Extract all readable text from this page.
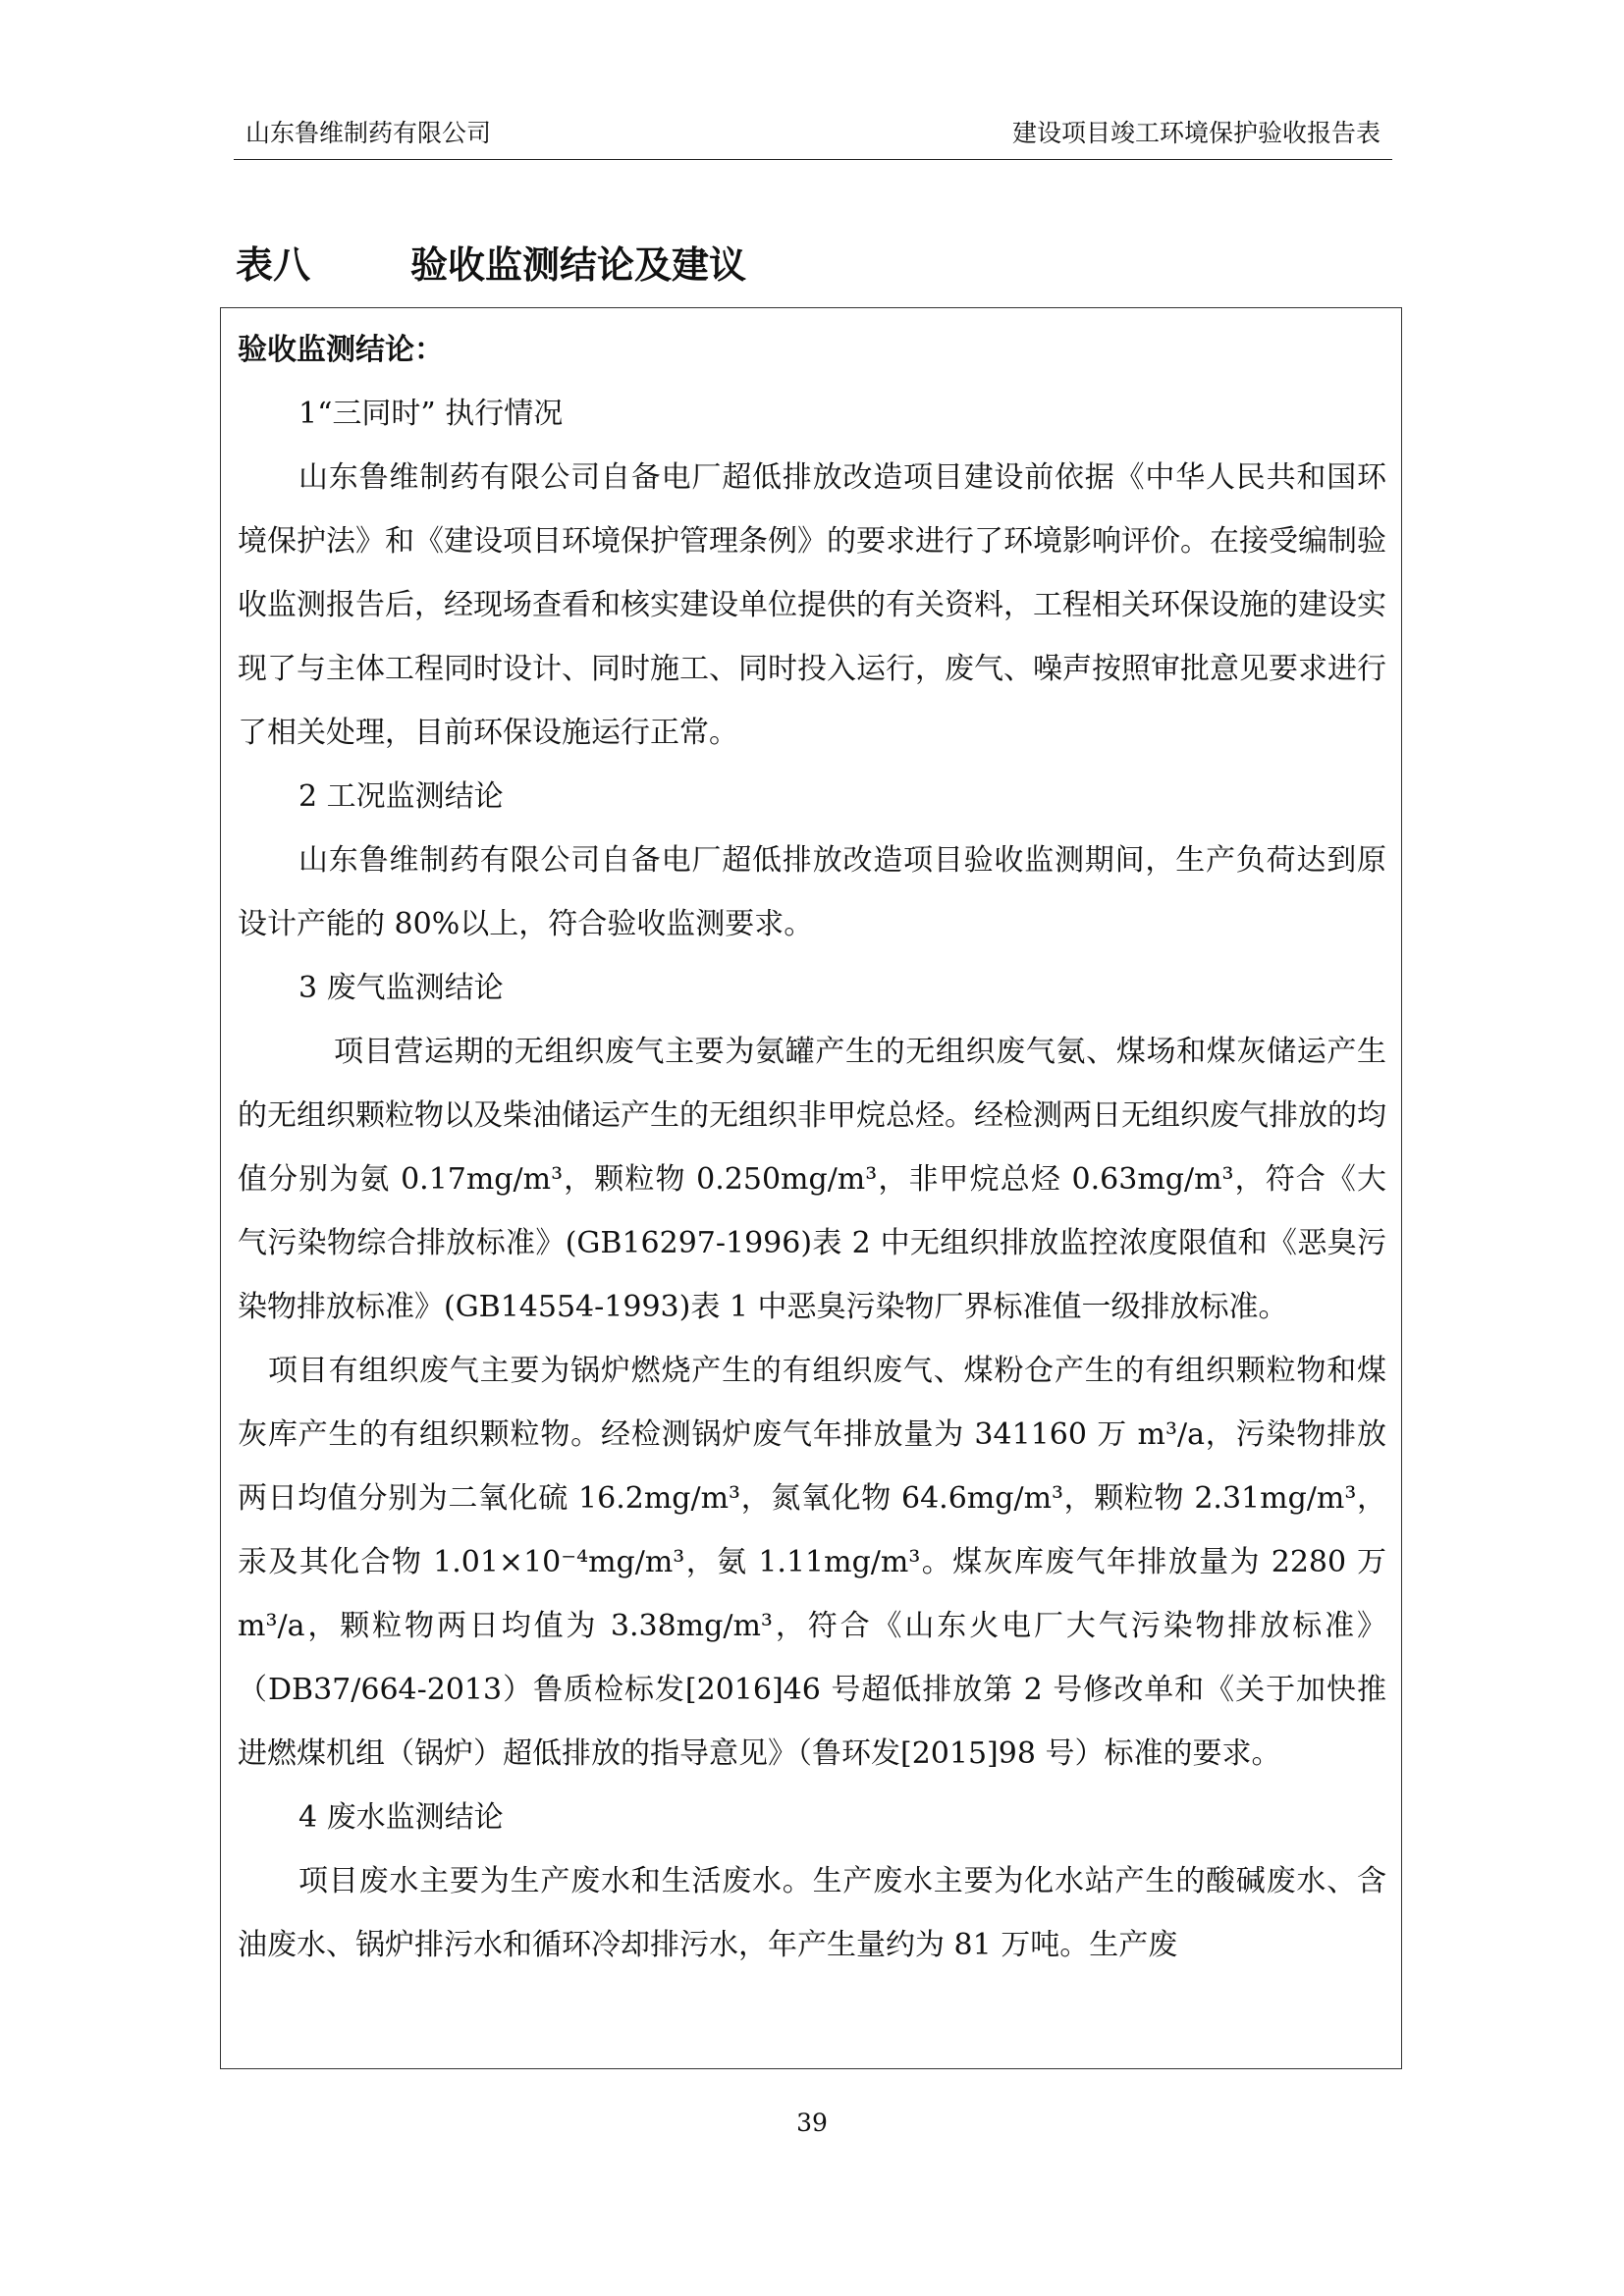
山东鲁维制药有限公司	建设项目竣工环境保护验收报告表
表八	验收监测结论及建议

验收监测结论：

1“三同时” 执行情况

山东鲁维制药有限公司自备电厂超低排放改造项目建设前依据《中华人民共和国环境保护法》和《建设项目环境保护管理条例》的要求进行了环境影响评价。在接受编制验收监测报告后，经现场查看和核实建设单位提供的有关资料，工程相关环保设施的建设实现了与主体工程同时设计、同时施工、同时投入运行，废气、噪声按照审批意见要求进行了相关处理，目前环保设施运行正常。

2 工况监测结论

山东鲁维制药有限公司自备电厂超低排放改造项目验收监测期间，生产负荷达到原设计产能的 80%以上，符合验收监测要求。

3 废气监测结论

项目营运期的无组织废气主要为氨罐产生的无组织废气氨、煤场和煤灰储运产生的无组织颗粒物以及柴油储运产生的无组织非甲烷总烃。经检测两日无组织废气排放的均值分别为氨 0.17mg/m³，颗粒物 0.250mg/m³，非甲烷总烃 0.63mg/m³，符合《大气污染物综合排放标准》(GB16297-1996)表 2 中无组织排放监控浓度限值和《恶臭污染物排放标准》(GB14554-1993)表 1 中恶臭污染物厂界标准值一级排放标准。

项目有组织废气主要为锅炉燃烧产生的有组织废气、煤粉仓产生的有组织颗粒物和煤灰库产生的有组织颗粒物。经检测锅炉废气年排放量为 341160 万 m³/a，污染物排放两日均值分别为二氧化硫 16.2mg/m³，氮氧化物 64.6mg/m³，颗粒物 2.31mg/m³，汞及其化合物 1.01×10⁻⁴mg/m³，氨 1.11mg/m³。煤灰库废气年排放量为 2280 万 m³/a，颗粒物两日均值为 3.38mg/m³，符合《山东火电厂大气污染物排放标准》（DB37/664-2013）鲁质检标发[2016]46 号超低排放第 2 号修改单和《关于加快推进燃煤机组（锅炉）超低排放的指导意见》（鲁环发[2015]98 号）标准的要求。

4 废水监测结论

项目废水主要为生产废水和生活废水。生产废水主要为化水站产生的酸碱废水、含油废水、锅炉排污水和循环冷却排污水，年产生量约为 81 万吨。生产废

39
